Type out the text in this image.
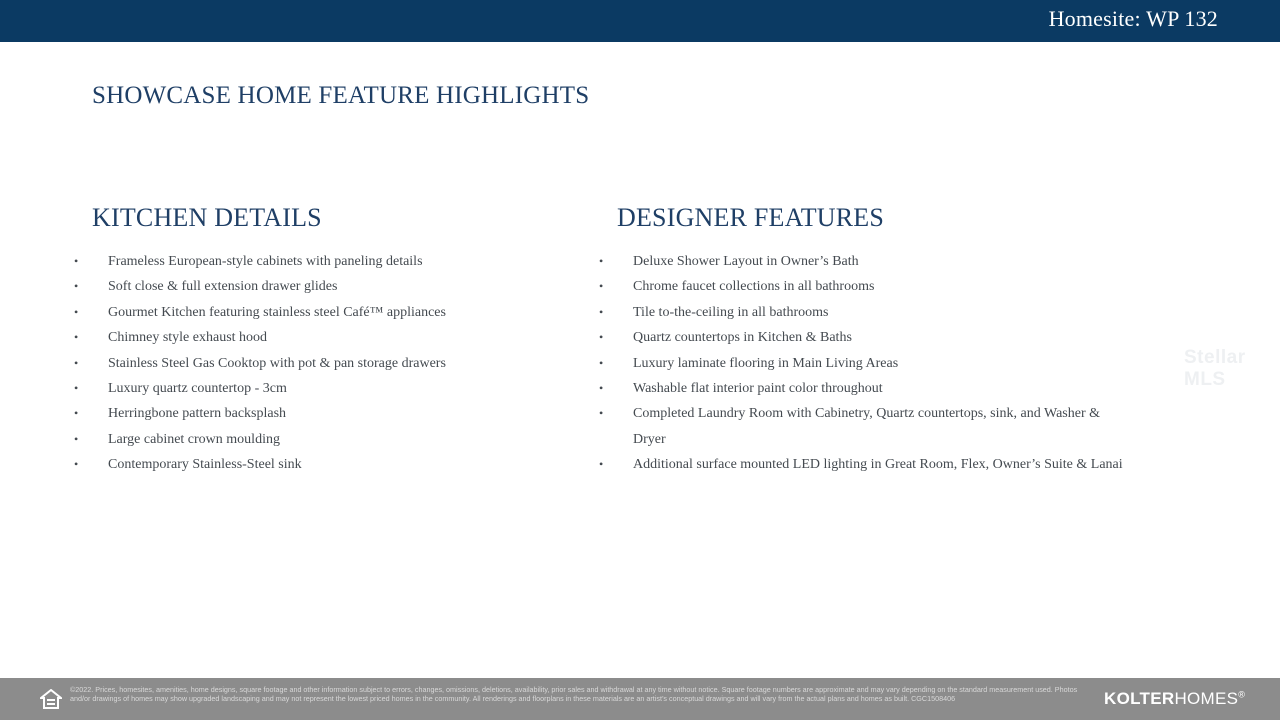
Homesite: WP 132
SHOWCASE HOME FEATURE HIGHLIGHTS
KITCHEN DETAILS	DESIGNER FEATURES
• Frameless European-style cabinets with paneling details
• Soft close & full extension drawer glides
• Gourmet Kitchen featuring stainless steel Café™ appliances
• Chimney style exhaust hood
• Stainless Steel Gas Cooktop with pot & pan storage drawers
• Luxury quartz countertop - 3cm
• Herringbone pattern backsplash
• Large cabinet crown moulding
• Contemporary Stainless-Steel sink
• Deluxe Shower Layout in Owner’s Bath
• Chrome faucet collections in all bathrooms
• Tile to-the-ceiling in all bathrooms
• Quartz countertops in Kitchen & Baths
• Luxury laminate flooring in Main Living Areas
• Washable flat interior paint color throughout
• Completed Laundry Room with Cabinetry, Quartz countertops, sink, and Washer & Dryer
• Additional surface mounted LED lighting in Great Room, Flex, Owner’s Suite & Lanai
Stellar MLS
©2022. Prices, homesites, amenities, home designs, square footage and other information subject to errors, changes, omissions, deletions, availability, prior sales and withdrawal at any time without notice. Square footage numbers are approximate and may vary depending on the standard measurement used. Photos and/or drawings of homes may show upgraded landscaping and may not represent the lowest priced homes in the community. All renderings and floorplans in these materials are an artist’s conceptual drawings and will vary from the actual plans and homes as built. CGC1508406	KOLTERHOMES®
